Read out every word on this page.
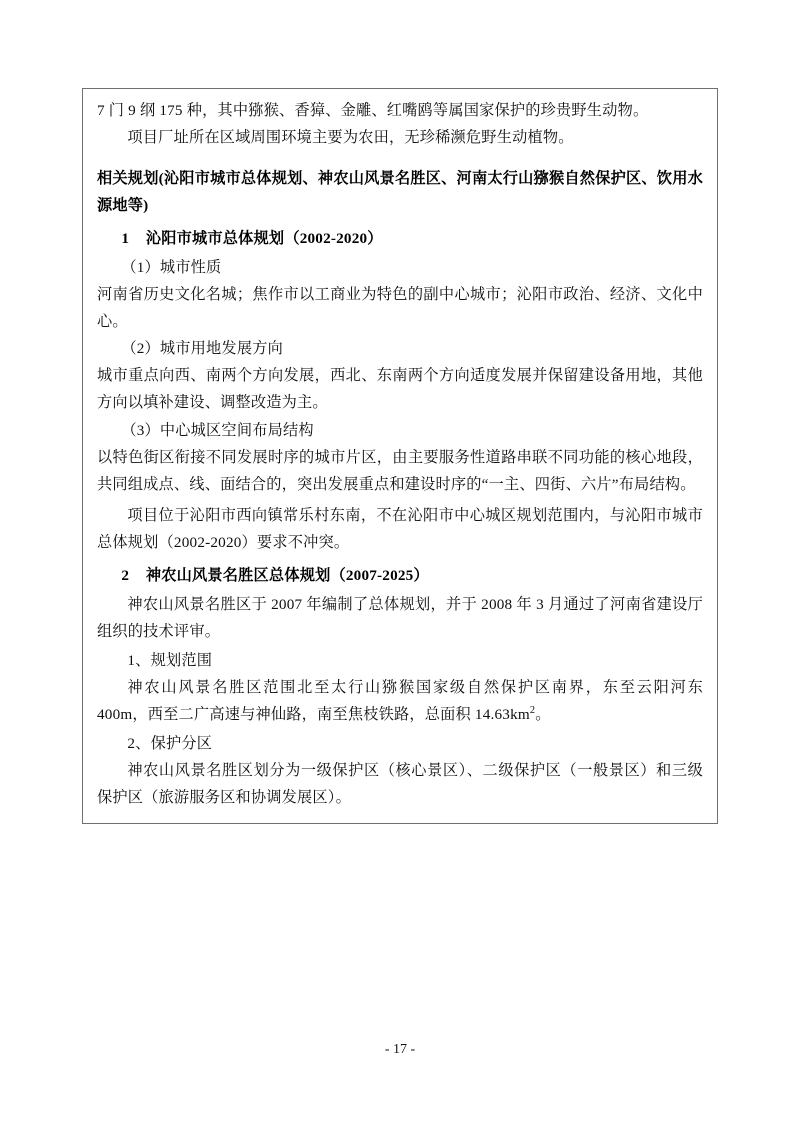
7 门 9 纲 175 种，其中猕猴、香獐、金雕、红嘴鸥等属国家保护的珍贵野生动物。

项目厂址所在区域周围环境主要为农田，无珍稀濒危野生动植物。

相关规划(沁阳市城市总体规划、神农山风景名胜区、河南太行山猕猴自然保护区、饮用水源地等)
1 沁阳市城市总体规划（2002-2020）

（1）城市性质

河南省历史文化名城；焦作市以工商业为特色的副中心城市；沁阳市政治、经济、文化中心。

（2）城市用地发展方向

城市重点向西、南两个方向发展，西北、东南两个方向适度发展并保留建设备用地，其他方向以填补建设、调整改造为主。

（3）中心城区空间布局结构

以特色街区衔接不同发展时序的城市片区，由主要服务性道路串联不同功能的核心地段，共同组成点、线、面结合的，突出发展重点和建设时序的“一主、四街、六片”布局结构。

项目位于沁阳市西向镇常乐村东南，不在沁阳市中心城区规划范围内，与沁阳市城市总体规划（2002-2020）要求不冲突。

2 神农山风景名胜区总体规划（2007-2025）

神农山风景名胜区于 2007 年编制了总体规划，并于 2008 年 3 月通过了河南省建设厅组织的技术评审。

1、规划范围

神农山风景名胜区范围北至太行山猕猴国家级自然保护区南界，东至云阳河东 400m，西至二广高速与神仙路，南至焦枝铁路，总面积 $14.63km^2$。

2、保护分区

神农山风景名胜区划分为一级保护区（核心景区）、二级保护区（一般景区）和三级保护区（旅游服务区和协调发展区）。

- 17 -
